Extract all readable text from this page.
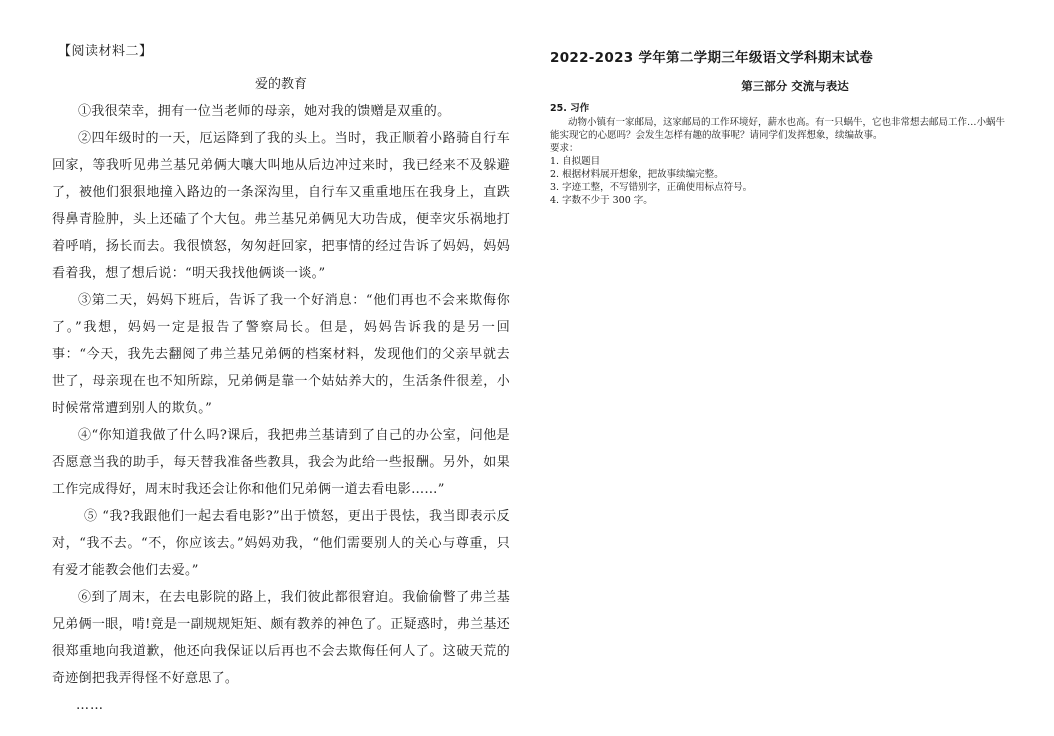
【阅读材料二】
爱的教育

①我很荣幸，拥有一位当老师的母亲，她对我的馈赠是双重的。

②四年级时的一天，厄运降到了我的头上。当时，我正顺着小路骑自行车回家，等我听见弗兰基兄弟俩大嚷大叫地从后边冲过来时，我已经来不及躲避了，被他们狠狠地撞入路边的一条深沟里，自行车又重重地压在我身上，直跌得鼻青脸肿，头上还磕了个大包。弗兰基兄弟俩见大功告成，便幸灾乐祸地打着呼哨，扬长而去。我很愤怒，匆匆赶回家，把事情的经过告诉了妈妈，妈妈看着我，想了想后说：“明天我找他俩谈一谈。”

③第二天，妈妈下班后，告诉了我一个好消息：“他们再也不会来欺侮你了。”我想，妈妈一定是报告了警察局长。但是，妈妈告诉我的是另一回事：“今天，我先去翻阅了弗兰基兄弟俩的档案材料，发现他们的父亲早就去世了，母亲现在也不知所踪，兄弟俩是靠一个姑姑养大的，生活条件很差，小时候常常遭到别人的欺负。”

④“你知道我做了什么吗?课后，我把弗兰基请到了自己的办公室，问他是否愿意当我的助手，每天替我准备些教具，我会为此给一些报酬。另外，如果工作完成得好，周末时我还会让你和他们兄弟俩一道去看电影……”

⑤ “我?我跟他们一起去看电影?”出于愤怒，更出于畏怯，我当即表示反对，“我不去。“不，你应该去。”妈妈劝我，“他们需要别人的关心与尊重，只有爱才能教会他们去爱。”

⑥到了周末，在去电影院的路上，我们彼此都很窘迫。我偷偷瞥了弗兰基兄弟俩一眼，啃!竟是一副规规矩矩、颇有教养的神色了。正疑惑时，弗兰基还很郑重地向我道歉，他还向我保证以后再也不会去欺侮任何人了。这破天荒的奇迹倒把我弄得怪不好意思了。

……

2022-2023 学年第二学期三年级语文学科期末试卷

第三部分 交流与表达

25. 习作

动物小镇有一家邮局，这家邮局的工作环境好，薪水也高。有一只蜗牛，它也非常想去邮局工作…小蜗牛能实现它的心愿吗？会发生怎样有趣的故事呢？请同学们发挥想象，续编故事。

要求：

1. 自拟题目
2. 根据材料展开想象，把故事续编完整。
3. 字迹工整，不写错别字，正确使用标点符号。
4. 字数不少于 300 字。
